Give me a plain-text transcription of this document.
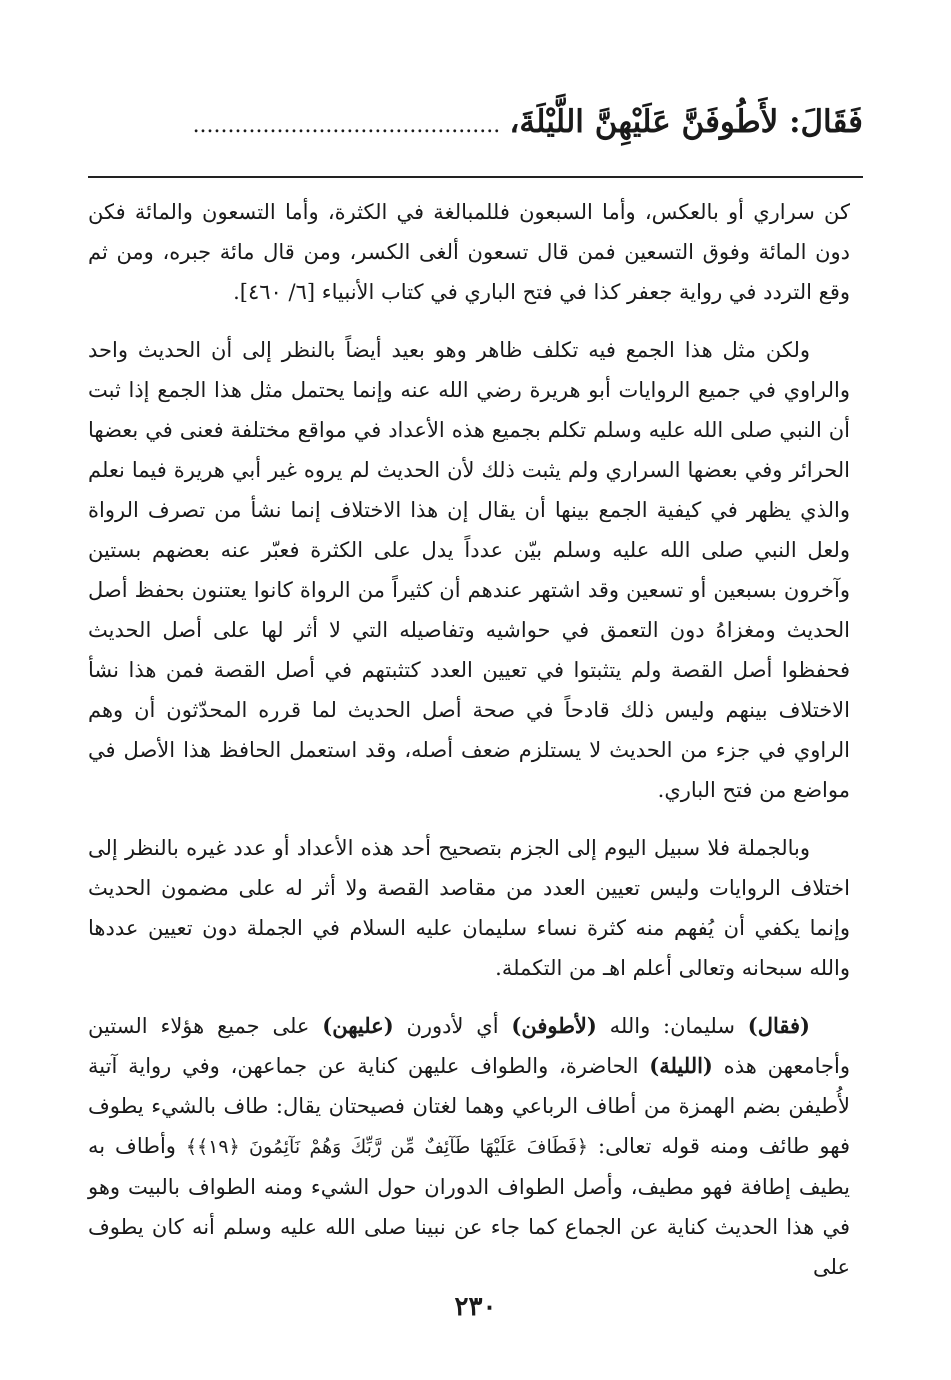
فَقَالَ: لأَطُوفَنَّ عَلَيْهِنَّ اللَّيْلَةَ، ............................................

كن سراري أو بالعكس، وأما السبعون فللمبالغة في الكثرة، وأما التسعون والمائة فكن دون المائة وفوق التسعين فمن قال تسعون ألغى الكسر، ومن قال مائة جبره، ومن ثم وقع التردد في رواية جعفر كذا في فتح الباري في كتاب الأنبياء [٦/ ٤٦٠].

ولكن مثل هذا الجمع فيه تكلف ظاهر وهو بعيد أيضاً بالنظر إلى أن الحديث واحد والراوي في جميع الروايات أبو هريرة رضي الله عنه وإنما يحتمل مثل هذا الجمع إذا ثبت أن النبي صلى الله عليه وسلم تكلم بجميع هذه الأعداد في مواقع مختلفة فعنى في بعضها الحرائر وفي بعضها السراري ولم يثبت ذلك لأن الحديث لم يروه غير أبي هريرة فيما نعلم والذي يظهر في كيفية الجمع بينها أن يقال إن هذا الاختلاف إنما نشأ من تصرف الرواة ولعل النبي صلى الله عليه وسلم بيّن عدداً يدل على الكثرة فعبّر عنه بعضهم بستين وآخرون بسبعين أو تسعين وقد اشتهر عندهم أن كثيراً من الرواة كانوا يعتنون بحفظ أصل الحديث ومغزاهُ دون التعمق في حواشيه وتفاصيله التي لا أثر لها على أصل الحديث فحفظوا أصل القصة ولم يتثبتوا في تعيين العدد كتثبتهم في أصل القصة فمن هذا نشأ الاختلاف بينهم وليس ذلك قادحاً في صحة أصل الحديث لما قرره المحدّثون أن وهم الراوي في جزء من الحديث لا يستلزم ضعف أصله، وقد استعمل الحافظ هذا الأصل في مواضع من فتح الباري.

وبالجملة فلا سبيل اليوم إلى الجزم بتصحيح أحد هذه الأعداد أو عدد غيره بالنظر إلى اختلاف الروايات وليس تعيين العدد من مقاصد القصة ولا أثر له على مضمون الحديث وإنما يكفي أن يُفهم منه كثرة نساء سليمان عليه السلام في الجملة دون تعيين عددها والله سبحانه وتعالى أعلم اهـ من التكملة.

(فقال) سليمان: والله (لأطوفن) أي لأدورن (عليهن) على جميع هؤلاء الستين وأجامعهن هذه (الليلة) الحاضرة، والطواف عليهن كناية عن جماعهن، وفي رواية آتية لأُطيفن بضم الهمزة من أطاف الرباعي وهما لغتان فصيحتان يقال: طاف بالشيء يطوف فهو طائف ومنه قوله تعالى: ﴿فَطَافَ عَلَيْهَا طَآئِفٌ مِّن رَّبِّكَ وَهُمْ نَآئِمُونَ ﴿١٩﴾﴾ وأطاف به يطيف إطافة فهو مطيف، وأصل الطواف الدوران حول الشيء ومنه الطواف بالبيت وهو في هذا الحديث كناية عن الجماع كما جاء عن نبينا صلى الله عليه وسلم أنه كان يطوف على

٢٣٠
